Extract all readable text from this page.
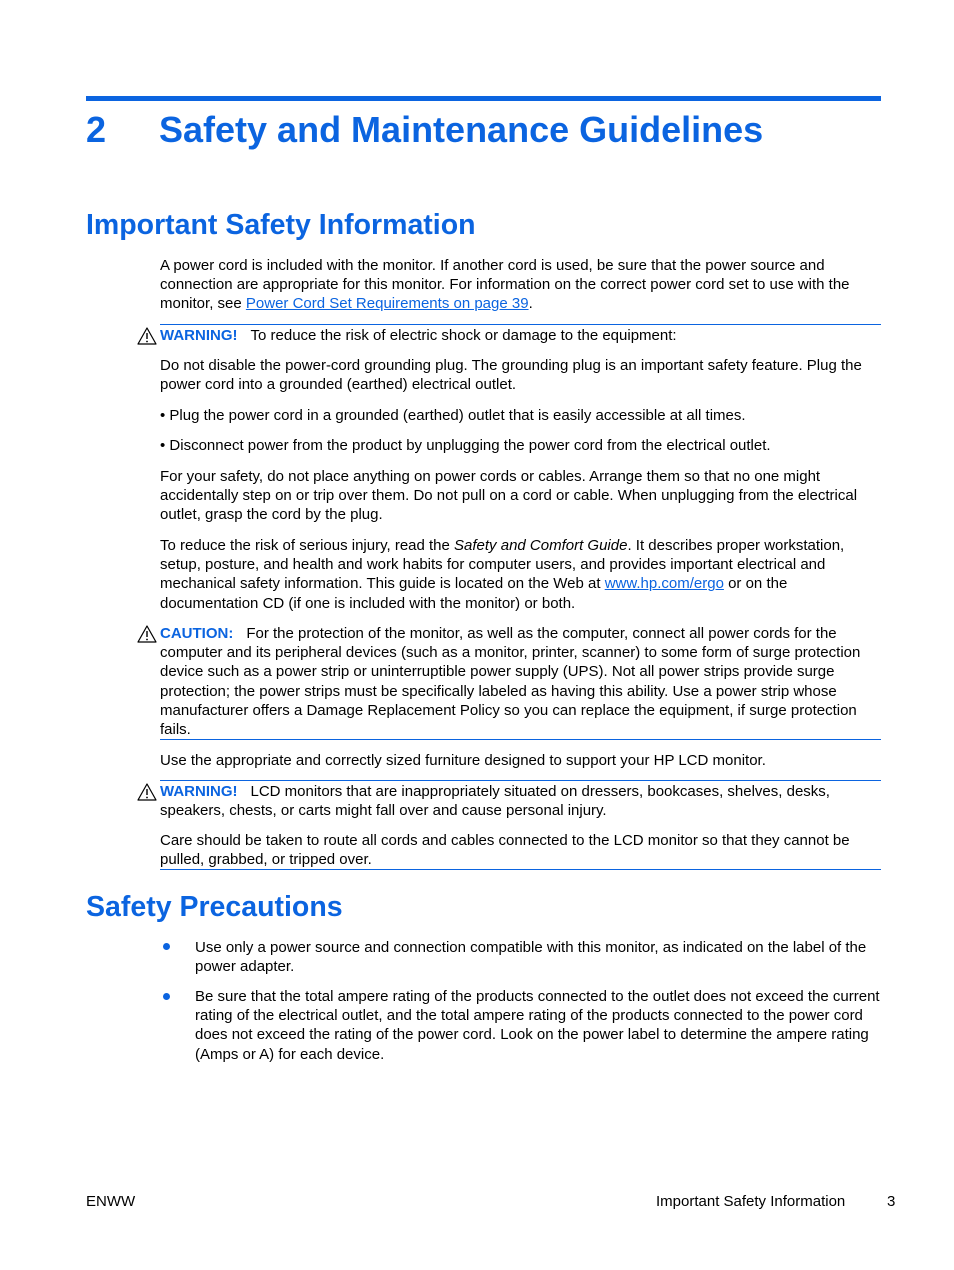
2 Safety and Maintenance Guidelines
Important Safety Information

A power cord is included with the monitor. If another cord is used, be sure that the power source and connection are appropriate for this monitor. For information on the correct power cord set to use with the monitor, see Power Cord Set Requirements on page 39.

WARNING! To reduce the risk of electric shock or damage to the equipment:

Do not disable the power-cord grounding plug. The grounding plug is an important safety feature. Plug the power cord into a grounded (earthed) electrical outlet.

• Plug the power cord in a grounded (earthed) outlet that is easily accessible at all times.

• Disconnect power from the product by unplugging the power cord from the electrical outlet.

For your safety, do not place anything on power cords or cables. Arrange them so that no one might accidentally step on or trip over them. Do not pull on a cord or cable. When unplugging from the electrical outlet, grasp the cord by the plug.

To reduce the risk of serious injury, read the Safety and Comfort Guide. It describes proper workstation, setup, posture, and health and work habits for computer users, and provides important electrical and mechanical safety information. This guide is located on the Web at www.hp.com/ergo or on the documentation CD (if one is included with the monitor) or both.

CAUTION: For the protection of the monitor, as well as the computer, connect all power cords for the computer and its peripheral devices (such as a monitor, printer, scanner) to some form of surge protection device such as a power strip or uninterruptible power supply (UPS). Not all power strips provide surge protection; the power strips must be specifically labeled as having this ability. Use a power strip whose manufacturer offers a Damage Replacement Policy so you can replace the equipment, if surge protection fails.

Use the appropriate and correctly sized furniture designed to support your HP LCD monitor.

WARNING! LCD monitors that are inappropriately situated on dressers, bookcases, shelves, desks, speakers, chests, or carts might fall over and cause personal injury.

Care should be taken to route all cords and cables connected to the LCD monitor so that they cannot be pulled, grabbed, or tripped over.

Safety Precautions

Use only a power source and connection compatible with this monitor, as indicated on the label of the power adapter.

Be sure that the total ampere rating of the products connected to the outlet does not exceed the current rating of the electrical outlet, and the total ampere rating of the products connected to the power cord does not exceed the rating of the power cord. Look on the power label to determine the ampere rating (Amps or A) for each device.

ENWW	Important Safety Information	3
